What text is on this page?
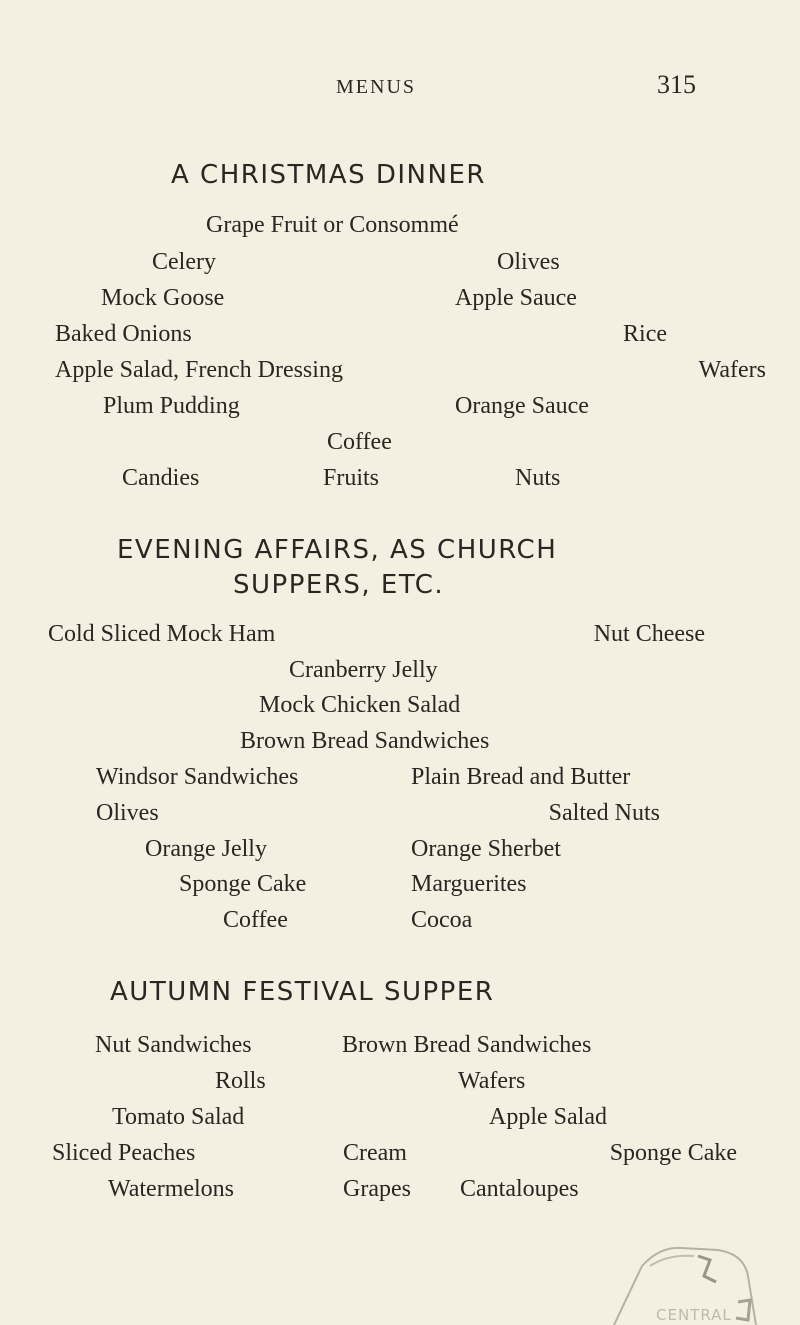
MENUS	315
A CHRISTMAS DINNER
Grape Fruit or Consommé
Celery
Mock Goose
Baked Onions
Apple Salad, French Dressing
Plum Pudding
Olives
Apple Sauce
Rice
Wafers
Orange Sauce
Coffee
Candies	Fruits	Nuts
EVENING AFFAIRS, AS CHURCH
SUPPERS, ETC.
Cold Sliced Mock Ham	Nut Cheese
Cranberry Jelly
Mock Chicken Salad
Brown Bread Sandwiches
Windsor Sandwiches
Olives
Orange Jelly
Sponge Cake
Coffee
Plain Bread and Butter
Salted Nuts
Orange Sherbet
Marguerites
Cocoa
AUTUMN FESTIVAL SUPPER
Nut Sandwiches
Rolls
Tomato Salad
Sliced Peaches
Watermelons
Brown Bread Sandwiches
Wafers
Apple Salad
Sponge Cake
Cantaloupes
Cream
Grapes
CENTRAL
